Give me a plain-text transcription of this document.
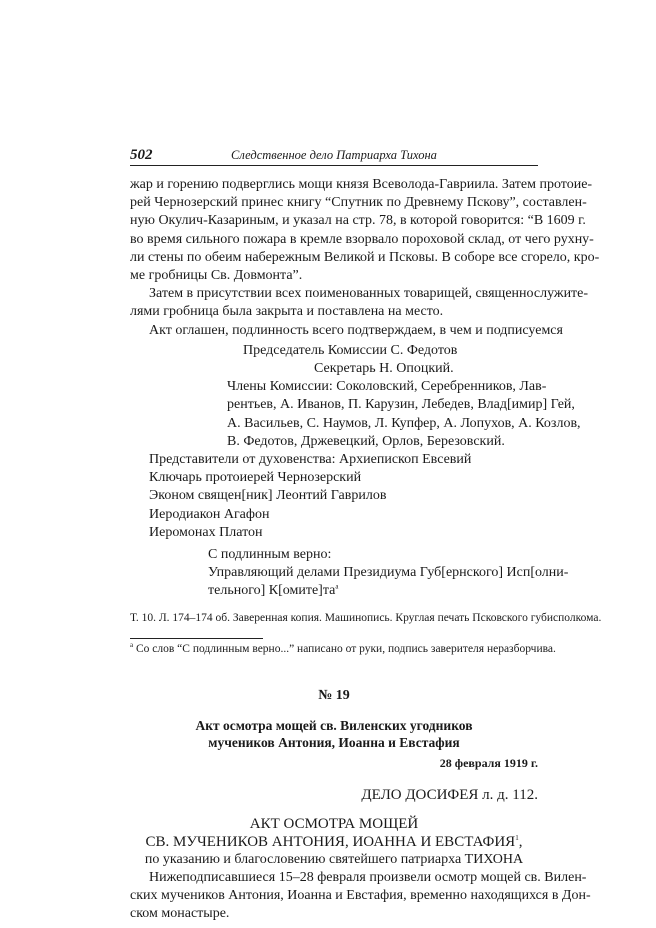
502	Следственное дело Патриарха Тихона
жар и горению подверглись мощи князя Всеволода-Гавриила. Затем протоие-
рей Чернозерский принес книгу “Спутник по Древнему Пскову”, составлен-
ную Окулич-Казариным, и указал на стр. 78, в которой говорится: “В 1609 г.
во время сильного пожара в кремле взорвало пороховой склад, от чего рухну-
ли стены по обеим набережным Великой и Псковы. В соборе все сгорело, кро-
ме гробницы Св. Довмонта”.
Затем в присутствии всех поименованных товарищей, священнослужите-
лями гробница была закрыта и поставлена на место.
Акт оглашен, подлинность всего подтверждаем, в чем и подписуемся
Председатель Комиссии С. Федотов
Секретарь Н. Опоцкий.
Члены Комиссии: Соколовский, Серебренников, Лав-
рентьев, А. Иванов, П. Карузин, Лебедев, Влад[имир] Гей,
А. Васильев, С. Наумов, Л. Купфер, А. Лопухов, А. Козлов,
В. Федотов, Држевецкий, Орлов, Березовский.
Представители от духовенства: Архиепископ Евсевий
Ключарь протоиерей Чернозерский
Эконом священ[ник] Леонтий Гаврилов
Иеродиакон Агафон
Иеромонах Платон
С подлинным верно:
Управляющий делами Президиума Губ[ернского] Исп[олни-
тельного] $К[омите]та^a$
Т. 10. Л. 174–174 об. Заверенная копия. Машинопись. Круглая печать Псковского губисполкома.
$^a$ Со слов “С подлинным верно...” написано от руки, подпись заверителя неразборчива.
№ 19
Акт осмотра мощей св. Виленских угодников
мучеников Антония, Иоанна и Евстафия
28 февраля 1919 г.
ДЕЛО ДОСИФЕЯ л. д. 112.
АКТ ОСМОТРА МОЩЕЙ
СВ. МУЧЕНИКОВ АНТОНИЯ, ИОАННА И ЕВСТАФИЯ$^1$,
по указанию и благословению святейшего патриарха ТИХОНА
Нижеподписавшиеся 15–28 февраля произвели осмотр мощей св. Вилен-
ских мучеников Антония, Иоанна и Евстафия, временно находящихся в Дон-
ском монастыре.
